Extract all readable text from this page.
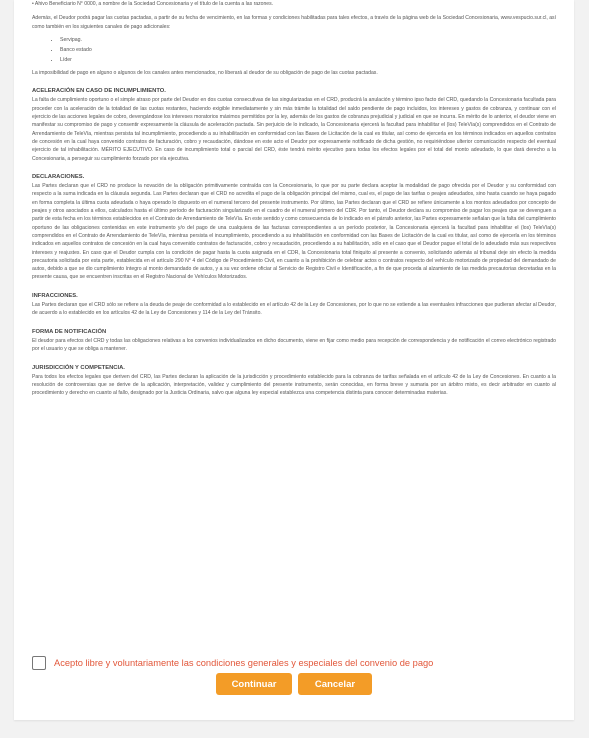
• Ahivo Beneficiario N° 0000, a nombre de la Sociedad Concesionaria y el título de la cuenta a las razones.

Además, el Deudor podrá pagar las cuotas pactadas, a partir de su fecha de vencimiento, en las formas y condiciones habilitadas para tales efectos, a través de la página web de la Sociedad Concesionaria, www.vespucio.sur.cl, así como también en los siguientes canales de pago adicionales:

• Servipag.
• Banco estado
• Líder

La imposibilidad de pago en alguno o algunos de los canales antes mencionados, no liberará al deudor de su obligación de pago de las cuotas pactadas.

ACELERACIÓN EN CASO DE INCUMPLIMIENTO.

La falta de cumplimiento oportuno o el simple atraso por parte del Deudor en dos cuotas consecutivas de las singularizadas en el CRD, producirá la anulación y término ipso facto del CRD, quedando la Concesionaria facultada para proceder con la aceleración de la totalidad de las cuotas restantes, haciendo exigible inmediatamente y sin más trámite la totalidad del saldo pendiente de pago incluidos, los intereses y gastos de cobranza, y continuar con el ejercicio de las acciones legales de cobro, devengándose los intereses moratorios máximos permitidos por la ley, además de los gastos de cobranza prejudicial y judicial en que se incurra. En mérito de lo anterior, el deudor viene en manifestar su compromiso de pago y consentir expresamente la cláusula de aceleración pactada. Sin perjuicio de lo indicado, la Concesionaria ejercerá la facultad para inhabilitar el (los) TeleVía(s) comprendidos en el Contrato de Arrendamiento de TeleVía, mientras persista tal incumplimiento, procediendo a su inhabilitación en conformidad con las Bases de Licitación de la cual es titular, así como de ejercerla en los términos indicados en aquellos contratos de concesión en la cual haya convenido contratos de facturación, cobro y recaudación, dándose en este acto el Deudor por expresamente notificado de dicha gestión, no requiriéndose ulterior comunicación respecto del eventual ejercicio de tal inhabilitación. MÉRITO EJECUTIVO. En caso de incumplimiento total o parcial del CRD, éste tendrá mérito ejecutivo para todas los efectos legales por el total del monto adeudado, lo que dará derecho a la Concesionaria, a perseguir su cumplimiento forzado por vía ejecutiva.

DECLARACIONES.

Las Partes declaran que el CRD no produce la novación de la obligación primitivamente contraída con la Concesionaria, lo que por su parte declara aceptar la modalidad de pago ofrecida por el Deudor y su conformidad con respecto a la suma indicada en la cláusula segunda. Las Partes declaran que el CRD no acredita el pago de la obligación principal del mismo, cual es, el pago de las tarifas o peajes adeudados, sino hasta cuando se haya pagado en forma completa la última cuota adeudada o haya operado lo dispuesto en el numeral tercero del presente instrumento. Por último, las Partes declaran que el CRD se refiere únicamente a los montos adeudados por concepto de peajes y otros asociados a ellos, calculados hasta el último período de facturación singularizado en el cuadro de el numeral primero del CDR. Por tanto, el Deudor declara su compromiso de pagar los peajes que se devenguen a partir de esta fecha en los términos establecidos en el Contrato de Arrendamiento de TeleVía. En este sentido y como consecuencia de lo indicado en el párrafo anterior, las Partes expresamente señalan que la falta del cumplimiento oportuno de las obligaciones contenidas en este instrumento y/o del pago de una cualquiera de las facturas correspondientes a un período posterior, la Concesionaria ejercerá la facultad para inhabilitar el (los) TeleVía(s) comprendidos en el Contrato de Arrendamiento de TeleVía, mientras persista el incumplimiento, procediendo a su inhabilitación en conformidad con las Bases de Licitación de la cual es titular, así como de ejercerla en los términos indicados en aquellos contratos de concesión en la cual haya convenido contratos de facturación, cobro y recaudación, procediendo a su habilitación, sólo en el caso que el Deudor pague el total de lo adeudado más sus respectivos intereses y reajustes. En caso que el Deudor cumpla con la condición de pagar hasta la cuota asignada en el CDR, la Concesionaria total finiquito al presente a convenio, solicitando además al tribunal deje sin efecto la medida precautoria solicitada por esta parte, establecida en el artículo 290 N° 4 del Código de Procedimiento Civil, en cuanto a la prohibición de celebrar actos o contratos respecto del vehículo motorizado de propiedad del demandado de autos, debido a que se dio cumplimiento íntegro al monto demandado de autos, y a su vez ordene oficiar al Servicio de Registro Civil e Identificación, a fin de que proceda al alzamiento de las medida precautorias decretadas en la presente causa, que se encuentren inscritas en el Registro Nacional de Vehículos Motorizados.

INFRACCIONES.

Las Partes declaran que el CRD sólo se refiere a la deuda de peaje de conformidad a lo establecido en el artículo 42 de la Ley de Concesiones, por lo que no se extiende a las eventuales infracciones que pudieran afectar al Deudor, de acuerdo a lo establecido en los artículos 42 de la Ley de Concesiones y 114 de la Ley del Tránsito.

FORMA DE NOTIFICACIÓN

El deudor para efectos del CRD y todas las obligaciones relativas a los convenios individualizados en dicho documento, viene en fijar como medio para recepción de correspondencia y de notificación el correo electrónico registrado por el usuario y que se obliga a mantener.

JURISDICCIÓN Y COMPETENCIA.

Para todos los efectos legales que deriven del CRD, las Partes declaran la aplicación de la jurisdicción y procedimiento establecido para la cobranza de tarifas señalada en el artículo 42 de la Ley de Concesiones. En cuanto a la resolución de controversias que se derive de la aplicación, interpretación, validez y cumplimiento del presente instrumento, serán conocidas, en forma breve y sumaria por un árbitro mixto, es decir arbitrador en cuanto al procedimiento y derecho en cuanto al fallo, designado por la Justicia Ordinaria, salvo que alguna ley especial establezca una competencia distinta para conocer determinadas materias.

Acepto libre y voluntariamente las condiciones generales y especiales del convenio de pago
Continuar	Cancelar
